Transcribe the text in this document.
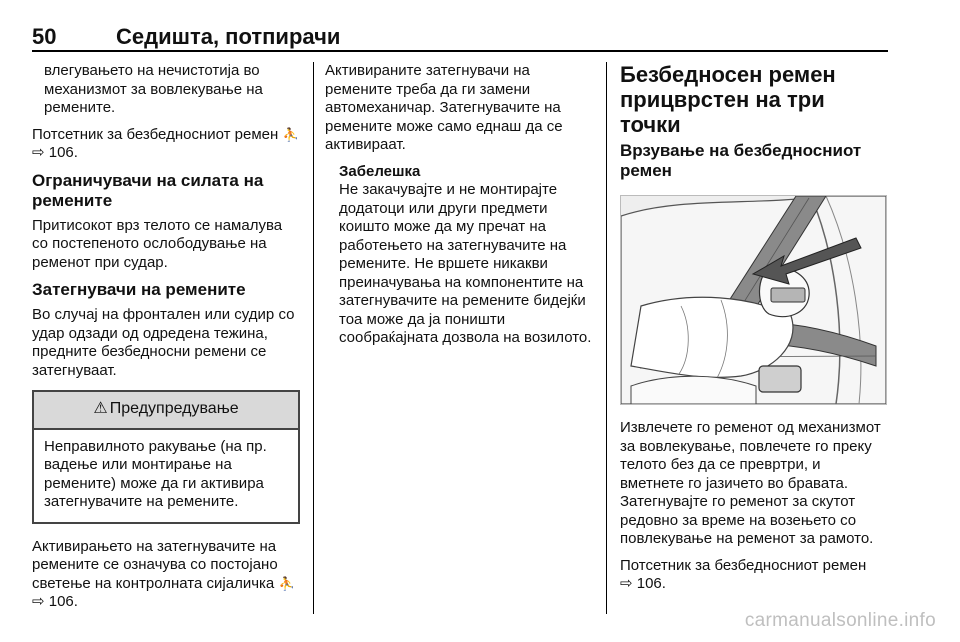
50	Седишта, потпирачи

влегувањето на нечистотија во механизмот за вовлекување на ремените.

Потсетник за безбедносниот ремен ⛹ ⇨ 106.

Ограничувачи на силата на ремените

Притисокот врз телото се намалува со постепеното ослободување на ременот при судар.

Затегнувачи на ремените

Во случај на фронтален или судир со удар одзади од одредена тежина, предните безбедносни ремени се затегнуваат.

⚠ Предупредување
Неправилното ракување (на пр. вадење или монтирање на ремените) може да ги активира затегнувачите на ремените.

Активирањето на затегнувачите на ремените се означува со постојано светење на контролната сијаличка ⛹ ⇨ 106.

Активираните затегнувачи на ремените треба да ги замени автомеханичар. Затегнувачите на ремените може само еднаш да се активираат.

Забелешка
Не закачувајте и не монтирајте додатоци или други предмети коишто може да му пречат на работењето на затегнувачите на ремените. Не вршете никакви преиначувања на компонентите на затегнувачите на ремените бидејќи тоа може да ја поништи сообраќајната дозвола на возилото.
Безбедносен ремен прицврстен на три точки
Врзување на безбедносниот ремен

Извлечете го ременот од механизмот за вовлекување, повлечете го преку телото без да се превртри, и вметнете го јазичето во бравата. Затегнувајте го ременот за скутот редовно за време на возењето со повлекување на ременот за рамото.

Потсетник за безбедносниот ремен
⇨ 106.

carmanualsonline.info
